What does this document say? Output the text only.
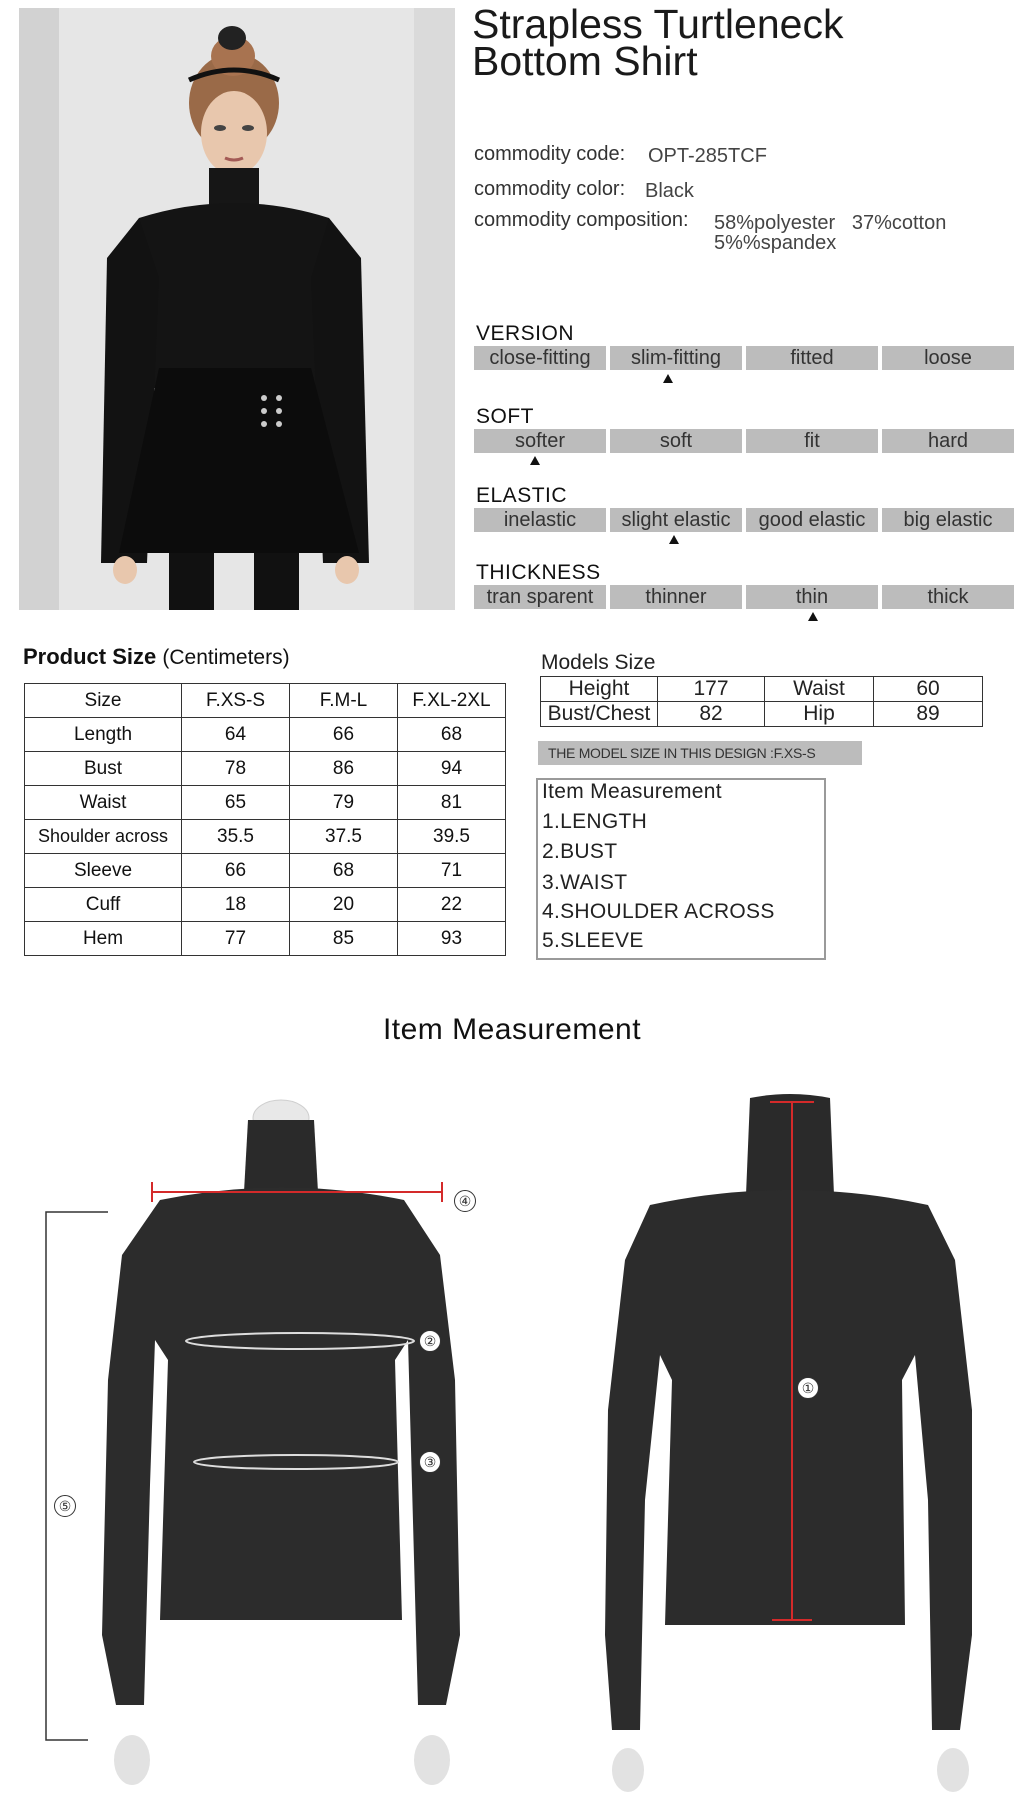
Strapless Turtleneck
Bottom Shirt
commodity code: OPT-285TCF
commodity color: Black
commodity composition: 58%polyester   37%cotton
5%%spandex
VERSION
close-fitting	slim-fitting	fitted	loose
SOFT
softer	soft	fit	hard
ELASTIC
inelastic	slight elastic	good elastic	big elastic
THICKNESS
tran sparent	thinner	thin	thick
Product Size (Centimeters)
Size	F.XS-S	F.M-L	F.XL-2XL
Length	64	66	68
Bust	78	86	94
Waist	65	79	81
Shoulder across	35.5	37.5	39.5
Sleeve	66	68	71
Cuff	18	20	22
Hem	77	85	93
Models Size
Height	177	Waist	60
Bust/Chest	82	Hip	89
THE MODEL SIZE IN THIS DESIGN :F.XS-S
Item Measurement
1.LENGTH
2.BUST
3.WAIST
4.SHOULDER ACROSS
5.SLEEVE
Item Measurement
④
②
③
⑤
①
